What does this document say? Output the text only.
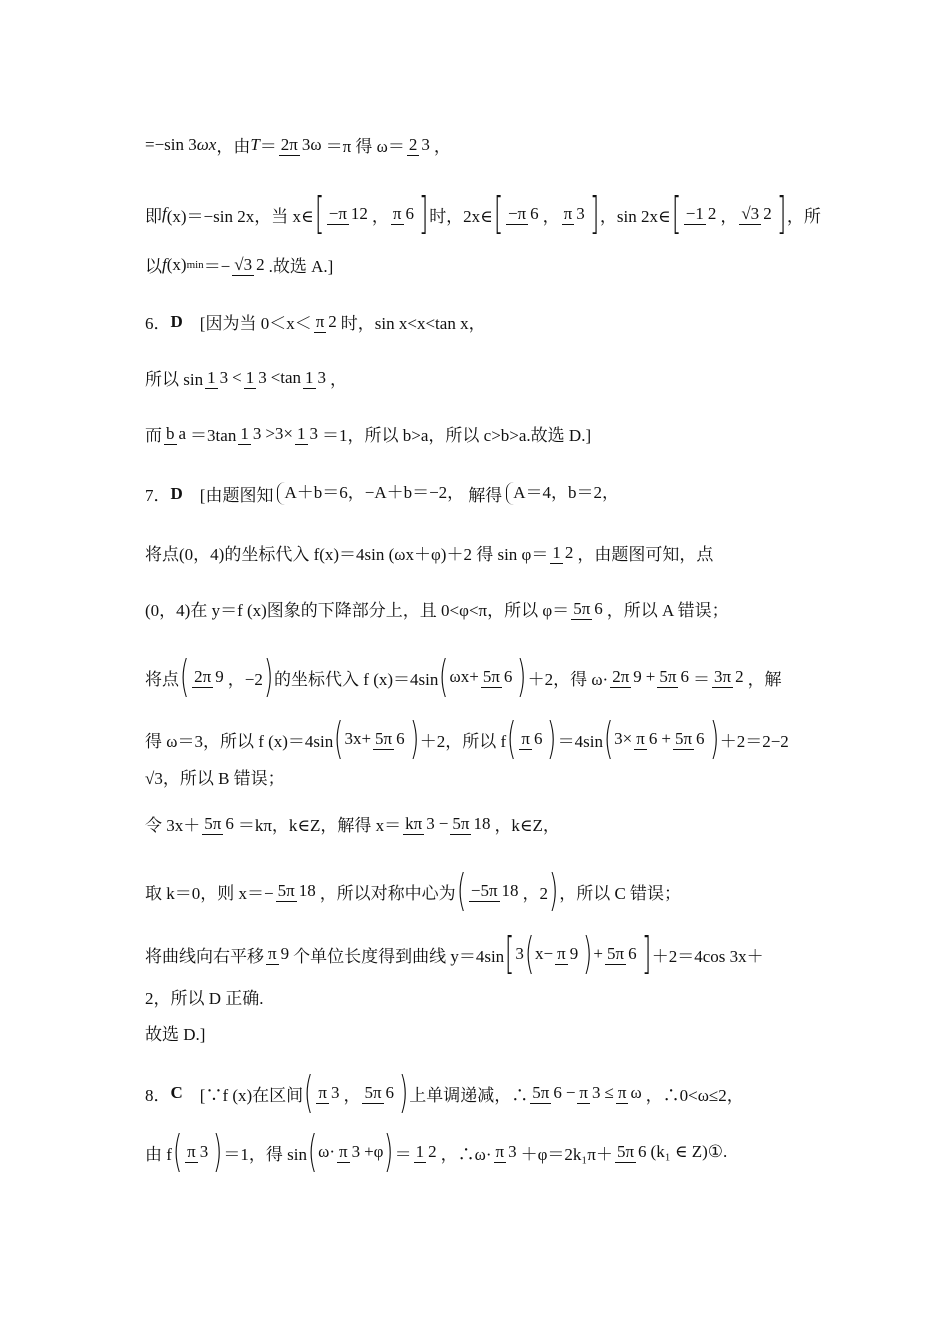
=−sin 3ωx，由T＝ 2π 3ω ＝π 得 ω＝ 2 3 ，
即f(x)＝−sin 2x，当 x∈[ −π 12 ， π 6 ]时，2x∈[ −π 6 ， π 3 ]，sin 2x∈[ −1 2 ， √3 2 ]，所
以f(x)min＝− √3 2 .故选 A.]
6．D　[因为当 0＜x＜ π 2 时，sin x<x<tan x，
所以 sin1 3 < 1 3 <tan1 3 ，
而 b a ＝3tan1 3 >3× 1 3 ＝1，所以 b>a，所以 c>b>a.故选 D.]
7．D　[由题图知 A＋b＝6，−A＋b＝−2， 解得 A＝4，b＝2，
将点(0，4)的坐标代入 f(x)＝4sin (ωx＋φ)＋2 得 sin φ＝ 1 2 ，由题图可知，点
(0，4)在 y＝f (x)图象的下降部分上，且 0<φ<π，所以 φ＝ 5π 6 ，所以 A 错误；
将点( 2π 9 ，−2)的坐标代入 f (x)＝4sin(ωx+ 5π 6 )＋2，得 ω· 2π 9 + 5π 6 ＝ 3π 2 ，解
得 ω＝3，所以 f (x)＝4sin(3x+ 5π 6 )＋2，所以 f( π 6 )＝4sin(3× π 6 + 5π 6 )＋2＝2−2
√3，所以 B 错误；
令 3x＋ 5π 6 ＝kπ，k∈Z，解得 x＝ kπ 3 − 5π 18 ，k∈Z，
取 k＝0，则 x＝− 5π 18 ，所以对称中心为( −5π 18 ，2)，所以 C 错误；
将曲线向右平移 π 9 个单位长度得到曲线 y＝4sin[3(x− π 9 )+ 5π 6 ]＋2＝4cos 3x＋
2，所以 D 正确.
故选 D.]
8．C　[∵f (x)在区间( π 3 ， 5π 6 )上单调递减，∴ 5π 6 − π 3 ≤ π ω ，∴0<ω≤2，
由 f( π 3 )＝1，得 sin(ω· π 3 +φ)＝ 1 2 ，∴ω· π 3 ＋φ＝2k₁π＋ 5π 6 (k₁ ∈ Z)①.
